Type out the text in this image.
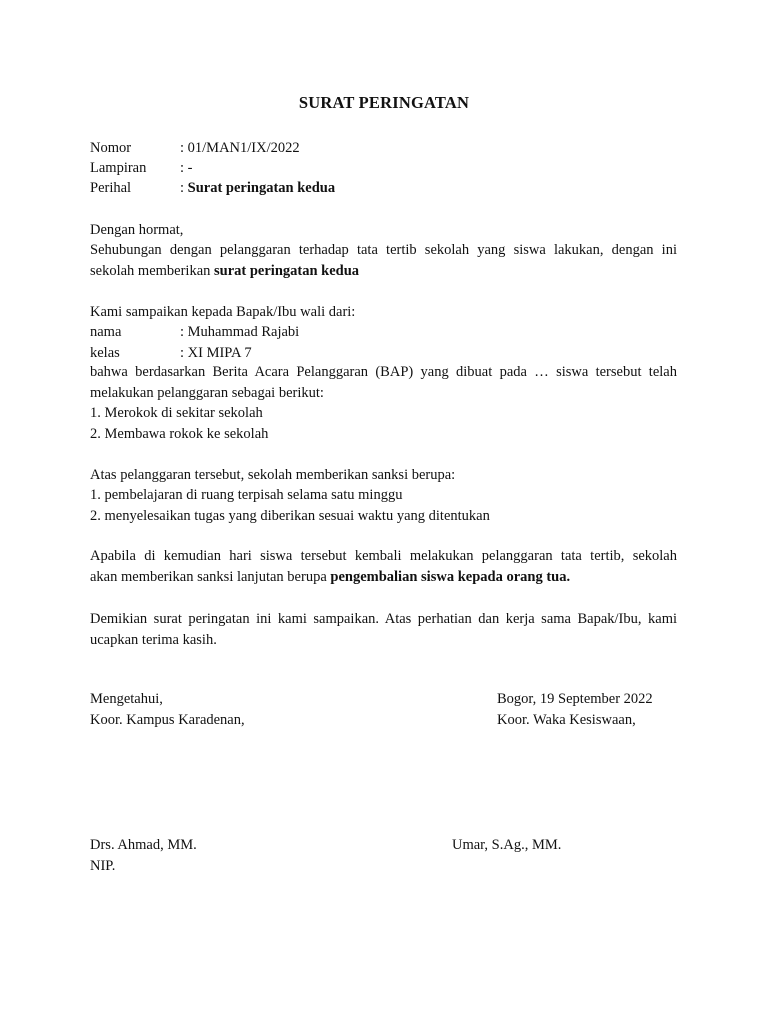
SURAT PERINGATAN
Nomor	: 01/MAN1/IX/2022
Lampiran : -
Perihal	: Surat peringatan kedua
Dengan hormat,

Sehubungan dengan pelanggaran terhadap tata tertib sekolah yang siswa lakukan, dengan ini

sekolah memberikan surat peringatan kedua

Kami sampaikan kepada Bapak/Ibu wali dari:
nama	: Muhammad Rajabi
kelas	: XI MIPA 7

bahwa berdasarkan Berita Acara Pelanggaran (BAP) yang dibuat pada … siswa tersebut telah

melakukan pelanggaran sebagai berikut:

1. Merokok di sekitar sekolah
2. Membawa rokok ke sekolah
Atas pelanggaran tersebut, sekolah memberikan sanksi berupa:
1. pembelajaran di ruang terpisah selama satu minggu
2. menyelesaikan tugas yang diberikan sesuai waktu yang ditentukan

Apabila di kemudian hari siswa tersebut kembali melakukan pelanggaran tata tertib, sekolah

akan memberikan sanksi lanjutan berupa pengembalian siswa kepada orang tua.

Demikian surat peringatan ini kami sampaikan. Atas perhatian dan kerja sama Bapak/Ibu, kami

ucapkan terima kasih.

Mengetahui,
Koor. Kampus Karadenan,
Bogor, 19 September 2022
Koor. Waka Kesiswaan,
Drs. Ahmad, MM.
NIP.
Umar, S.Ag., MM.
